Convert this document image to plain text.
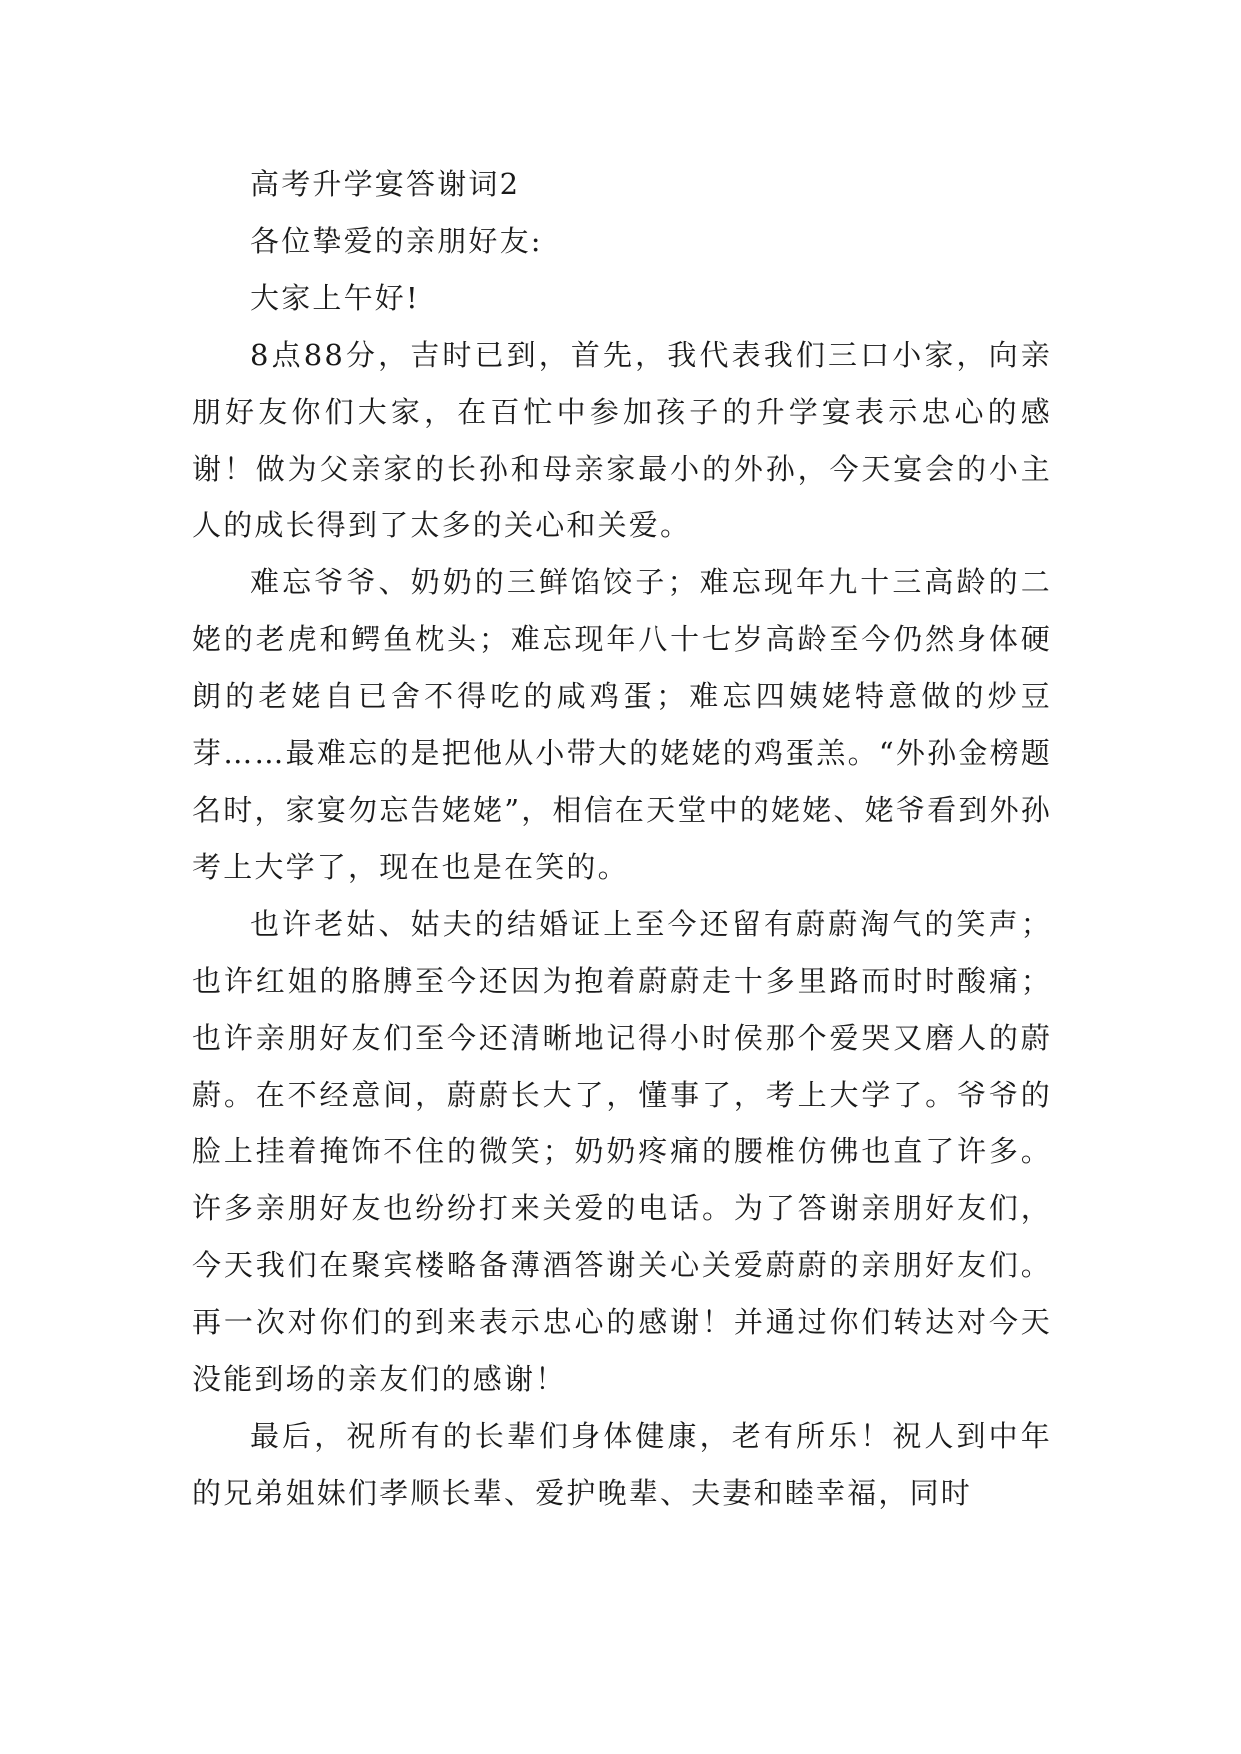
高考升学宴答谢词2

各位挚爱的亲朋好友:

大家上午好!

8点88分，吉时已到，首先，我代表我们三口小家，向亲朋好友你们大家，在百忙中参加孩子的升学宴表示忠心的感谢！做为父亲家的长孙和母亲家最小的外孙，今天宴会的小主人的成长得到了太多的关心和关爱。

难忘爷爷、奶奶的三鲜馅饺子；难忘现年九十三高龄的二姥的老虎和鳄鱼枕头；难忘现年八十七岁高龄至今仍然身体硬朗的老姥自已舍不得吃的咸鸡蛋；难忘四姨姥特意做的炒豆芽……最难忘的是把他从小带大的姥姥的鸡蛋羔。“外孙金榜题名时，家宴勿忘告姥姥”，相信在天堂中的姥姥、姥爷看到外孙考上大学了，现在也是在笑的。

也许老姑、姑夫的结婚证上至今还留有蔚蔚淘气的笑声；也许红姐的胳膊至今还因为抱着蔚蔚走十多里路而时时酸痛；也许亲朋好友们至今还清晰地记得小时侯那个爱哭又磨人的蔚蔚。在不经意间，蔚蔚长大了，懂事了，考上大学了。爷爷的脸上挂着掩饰不住的微笑；奶奶疼痛的腰椎仿佛也直了许多。许多亲朋好友也纷纷打来关爱的电话。为了答谢亲朋好友们，今天我们在聚宾楼略备薄酒答谢关心关爱蔚蔚的亲朋好友们。再一次对你们的到来表示忠心的感谢！并通过你们转达对今天没能到场的亲友们的感谢！

最后，祝所有的长辈们身体健康，老有所乐！祝人到中年的兄弟姐妹们孝顺长辈、爱护晚辈、夫妻和睦幸福，同时
